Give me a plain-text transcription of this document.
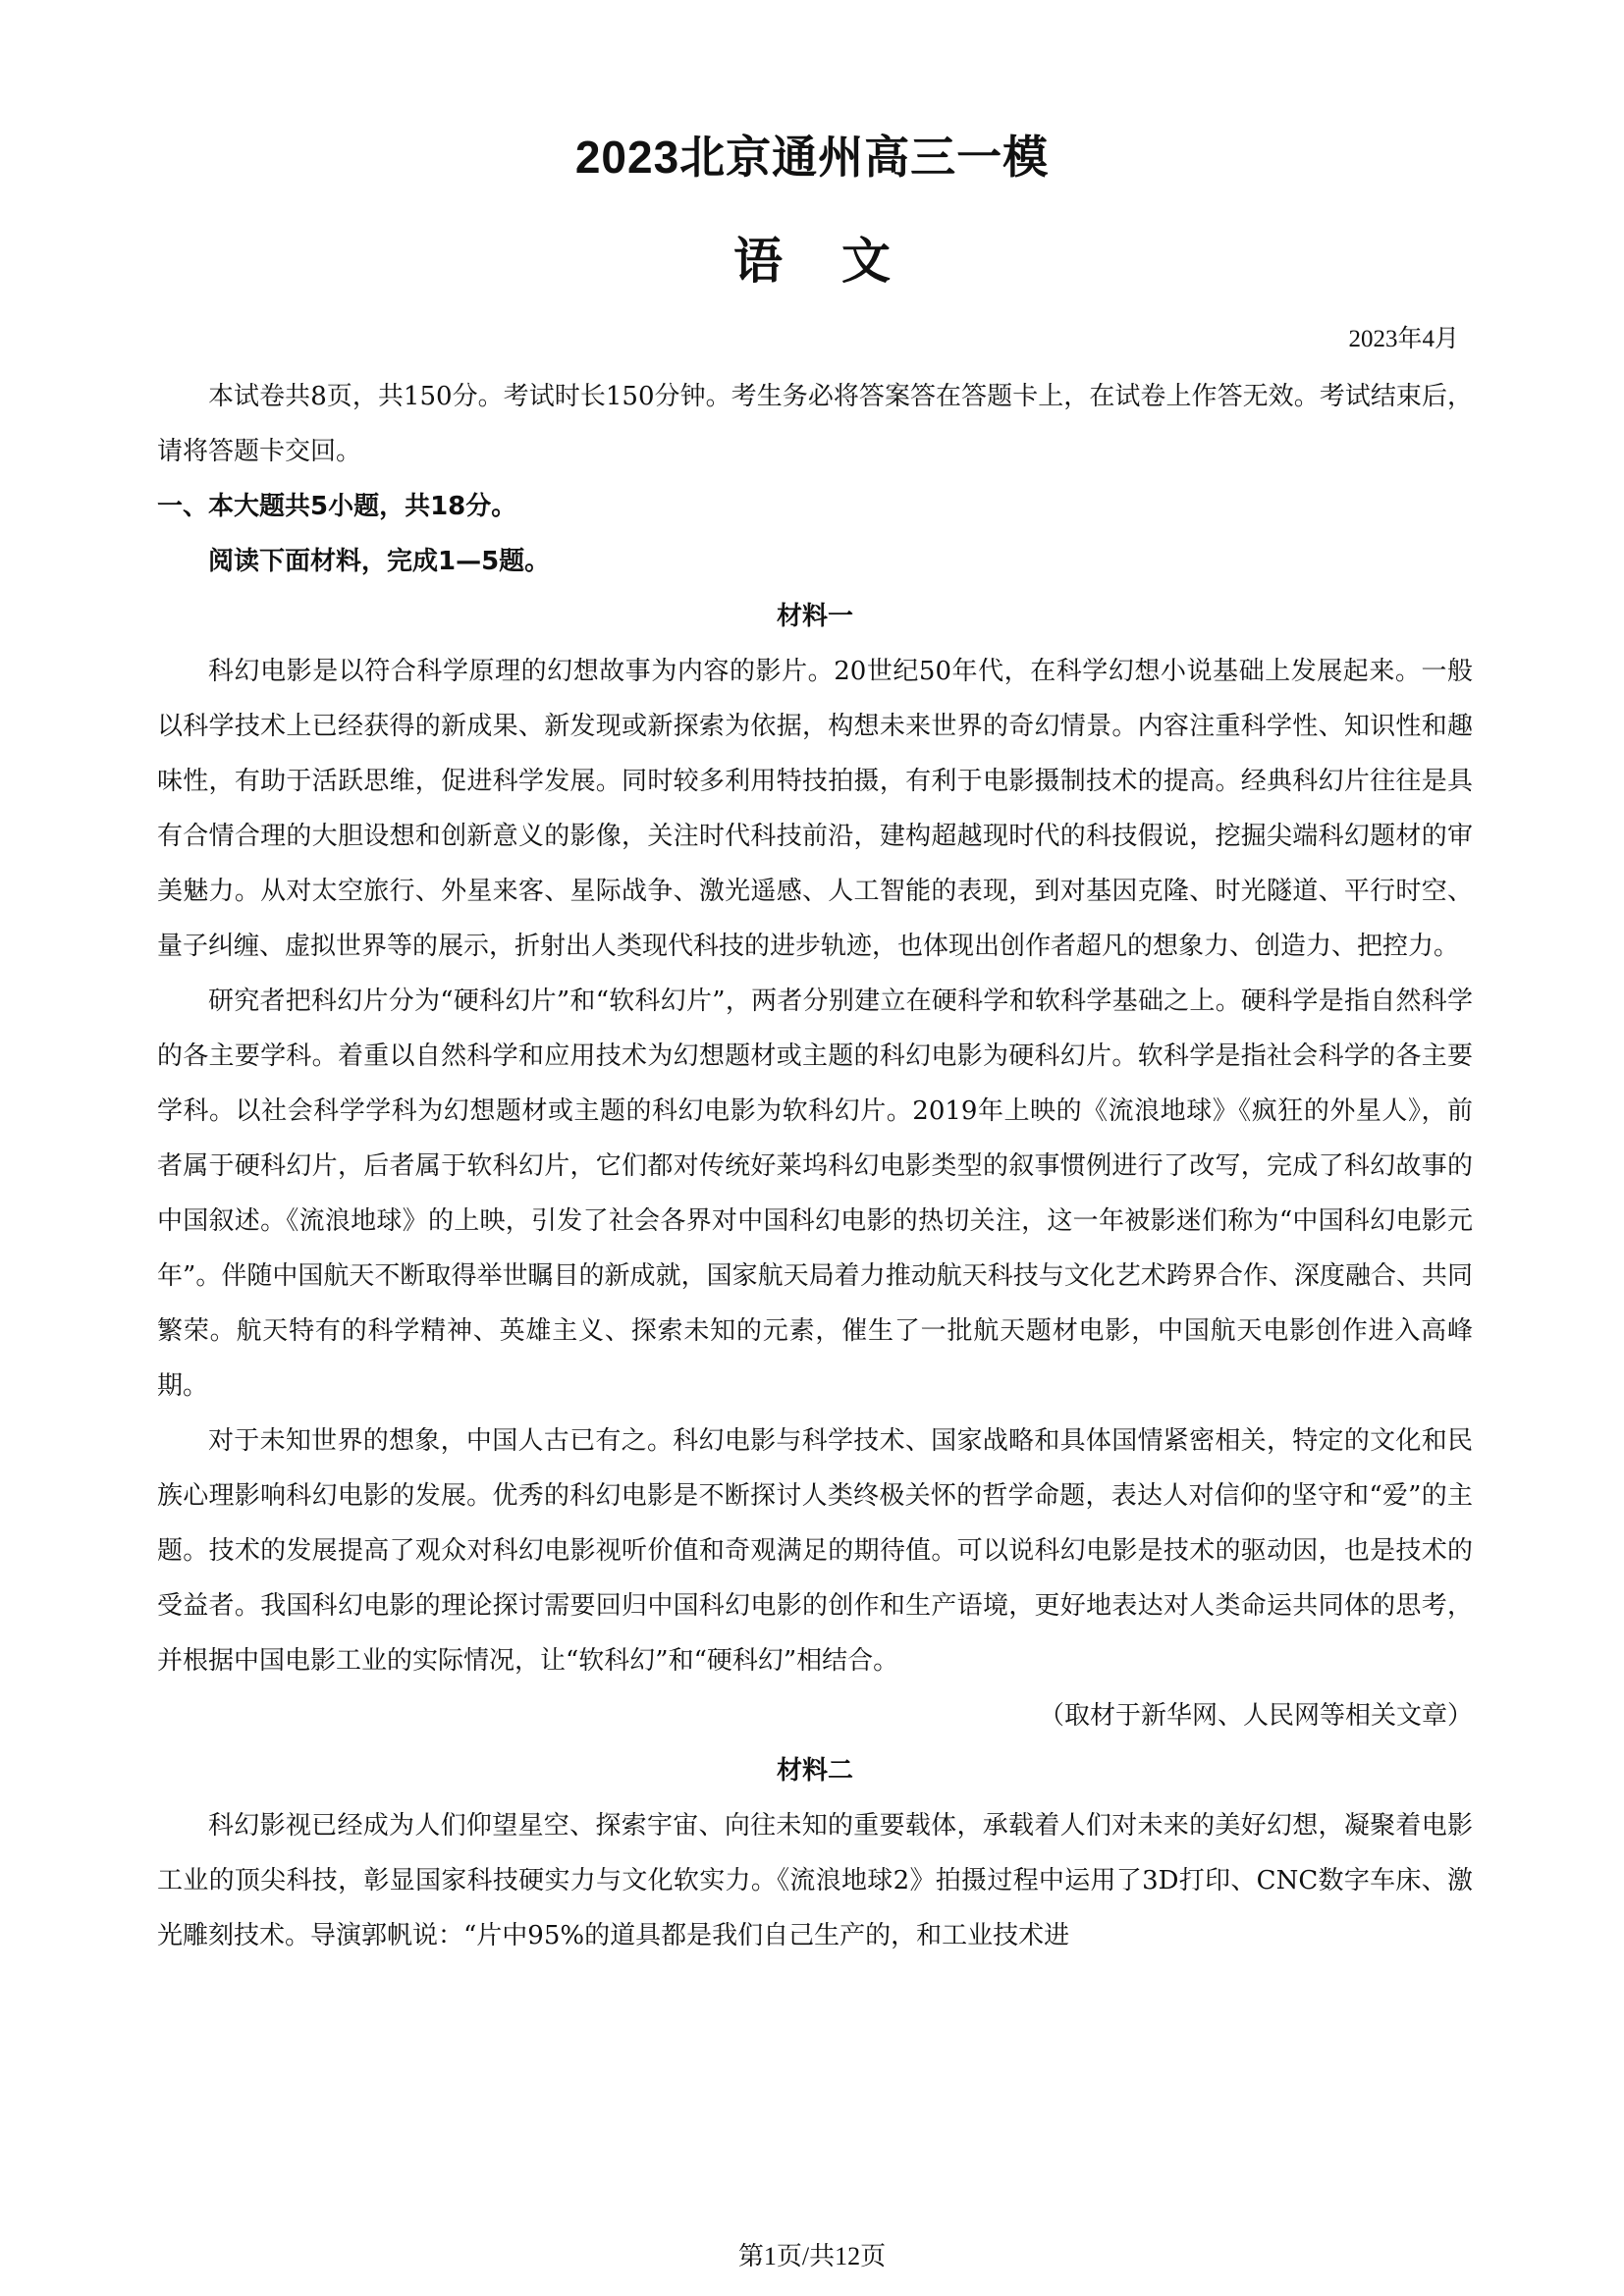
2023北京通州高三一模
语文
2023年4月

本试卷共8页，共150分。考试时长150分钟。考生务必将答案答在答题卡上，在试卷上作答无效。考试结束后，请将答题卡交回。

一、本大题共5小题，共18分。

阅读下面材料，完成1—5题。

材料一

科幻电影是以符合科学原理的幻想故事为内容的影片。20世纪50年代，在科学幻想小说基础上发展起来。一般以科学技术上已经获得的新成果、新发现或新探索为依据，构想未来世界的奇幻情景。内容注重科学性、知识性和趣味性，有助于活跃思维，促进科学发展。同时较多利用特技拍摄，有利于电影摄制技术的提高。经典科幻片往往是具有合情合理的大胆设想和创新意义的影像，关注时代科技前沿，建构超越现时代的科技假说，挖掘尖端科幻题材的审美魅力。从对太空旅行、外星来客、星际战争、激光遥感、人工智能的表现，到对基因克隆、时光隧道、平行时空、量子纠缠、虚拟世界等的展示，折射出人类现代科技的进步轨迹，也体现出创作者超凡的想象力、创造力、把控力。

研究者把科幻片分为“硬科幻片”和“软科幻片”，两者分别建立在硬科学和软科学基础之上。硬科学是指自然科学的各主要学科。着重以自然科学和应用技术为幻想题材或主题的科幻电影为硬科幻片。软科学是指社会科学的各主要学科。以社会科学学科为幻想题材或主题的科幻电影为软科幻片。2019年上映的《流浪地球》《疯狂的外星人》，前者属于硬科幻片，后者属于软科幻片，它们都对传统好莱坞科幻电影类型的叙事惯例进行了改写，完成了科幻故事的中国叙述。《流浪地球》的上映，引发了社会各界对中国科幻电影的热切关注，这一年被影迷们称为“中国科幻电影元年”。伴随中国航天不断取得举世瞩目的新成就，国家航天局着力推动航天科技与文化艺术跨界合作、深度融合、共同繁荣。航天特有的科学精神、英雄主义、探索未知的元素，催生了一批航天题材电影，中国航天电影创作进入高峰期。

对于未知世界的想象，中国人古已有之。科幻电影与科学技术、国家战略和具体国情紧密相关，特定的文化和民族心理影响科幻电影的发展。优秀的科幻电影是不断探讨人类终极关怀的哲学命题，表达人对信仰的坚守和“爱”的主题。技术的发展提高了观众对科幻电影视听价值和奇观满足的期待值。可以说科幻电影是技术的驱动因，也是技术的受益者。我国科幻电影的理论探讨需要回归中国科幻电影的创作和生产语境，更好地表达对人类命运共同体的思考，并根据中国电影工业的实际情况，让“软科幻”和“硬科幻”相结合。

（取材于新华网、人民网等相关文章）

材料二

科幻影视已经成为人们仰望星空、探索宇宙、向往未知的重要载体，承载着人们对未来的美好幻想，凝聚着电影工业的顶尖科技，彰显国家科技硬实力与文化软实力。《流浪地球2》拍摄过程中运用了3D打印、CNC数字车床、激光雕刻技术。导演郭帆说：“片中95%的道具都是我们自己生产的，和工业技术进

第1页/共12页
